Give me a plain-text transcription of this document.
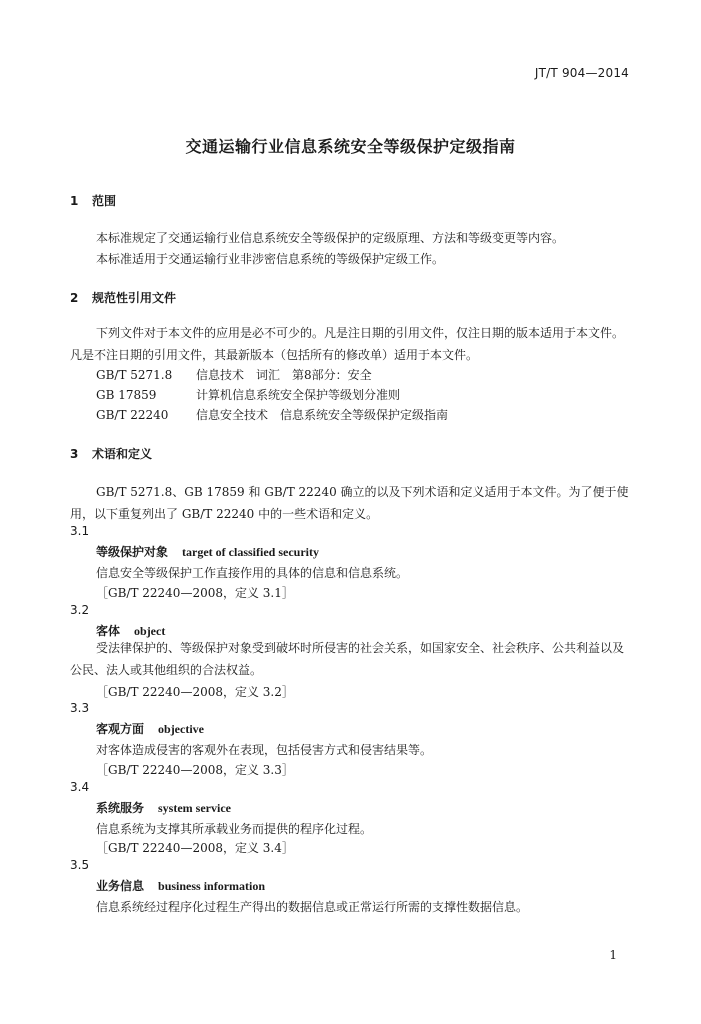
JT/T 904—2014
交通运输行业信息系统安全等级保护定级指南
1 范围
本标准规定了交通运输行业信息系统安全等级保护的定级原理、方法和等级变更等内容。
本标准适用于交通运输行业非涉密信息系统的等级保护定级工作。
2 规范性引用文件
下列文件对于本文件的应用是必不可少的。凡是注日期的引用文件，仅注日期的版本适用于本文件。凡是不注日期的引用文件，其最新版本（包括所有的修改单）适用于本文件。
GB/T 5271.8 信息技术　词汇　第8部分：安全
GB 17859	计算机信息系统安全保护等级划分准则
GB/T 22240 信息安全技术　信息系统安全等级保护定级指南
3 术语和定义
GB/T 5271.8、GB 17859 和 GB/T 22240 确立的以及下列术语和定义适用于本文件。为了便于使用，以下重复列出了 GB/T 22240 中的一些术语和定义。
3.1
等级保护对象 target of classified security
信息安全等级保护工作直接作用的具体的信息和信息系统。
［GB/T 22240—2008，定义 3.1］
3.2
客体 object
受法律保护的、等级保护对象受到破坏时所侵害的社会关系，如国家安全、社会秩序、公共利益以及公民、法人或其他组织的合法权益。
［GB/T 22240—2008，定义 3.2］
3.3
客观方面 objective
对客体造成侵害的客观外在表现，包括侵害方式和侵害结果等。
［GB/T 22240—2008，定义 3.3］
3.4
系统服务 system service
信息系统为支撑其所承载业务而提供的程序化过程。
［GB/T 22240—2008，定义 3.4］
3.5
业务信息 business information
信息系统经过程序化过程生产得出的数据信息或正常运行所需的支撑性数据信息。
1
